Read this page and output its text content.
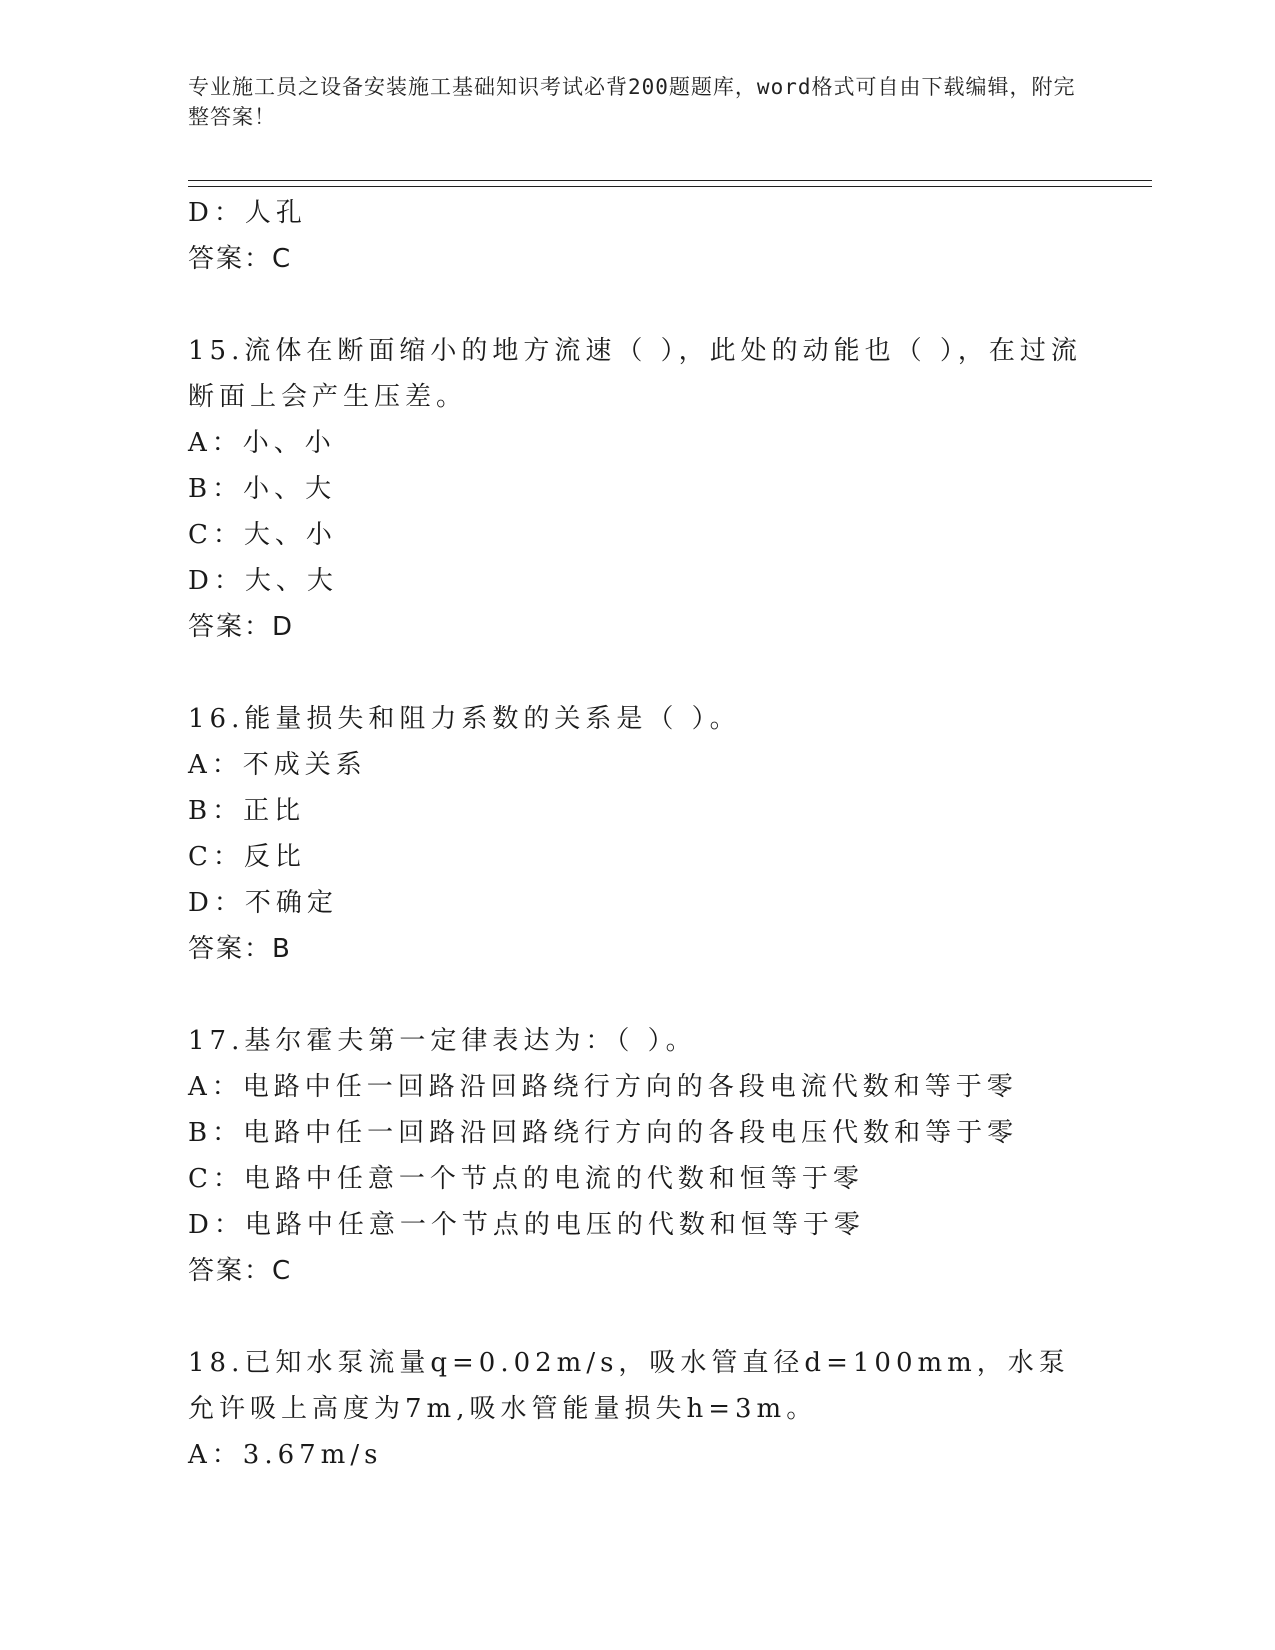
专业施工员之设备安装施工基础知识考试必背200题题库，word格式可自由下载编辑，附完整答案！
D：人孔
答案：C
15.流体在断面缩小的地方流速（ ），此处的动能也（ ），在过流断面上会产生压差。
A：小、小
B：小、大
C：大、小
D：大、大
答案：D
16.能量损失和阻力系数的关系是（ ）。
A：不成关系
B：正比
C：反比
D：不确定
答案：B
17.基尔霍夫第一定律表达为：（ ）。
A：电路中任一回路沿回路绕行方向的各段电流代数和等于零
B：电路中任一回路沿回路绕行方向的各段电压代数和等于零
C：电路中任意一个节点的电流的代数和恒等于零
D：电路中任意一个节点的电压的代数和恒等于零
答案：C
18.已知水泵流量q=0.02m/s，吸水管直径d=100mm，水泵允许吸上高度为7m,吸水管能量损失h=3m。
A：3.67m/s
